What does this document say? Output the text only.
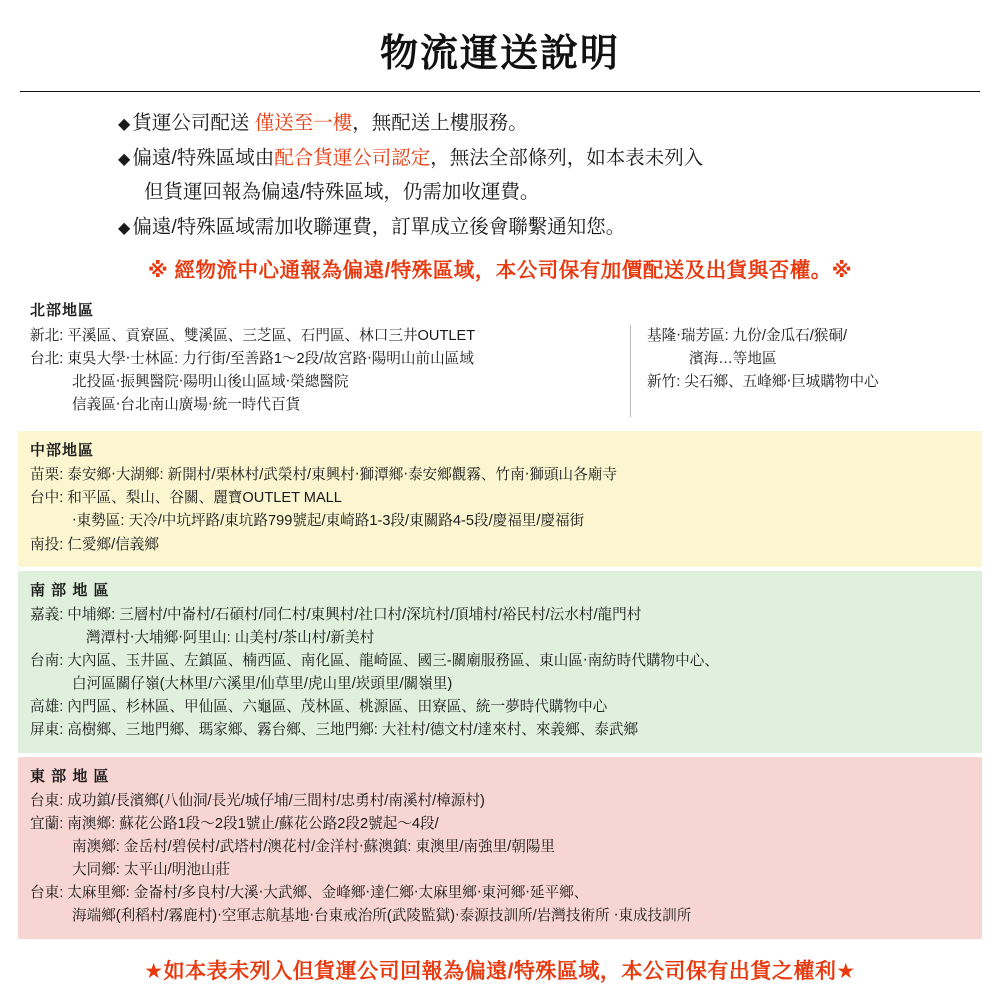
物流運送說明
◆ 貨運公司配送 僅送至一樓，無配送上樓服務。
◆ 偏遠/特殊區域由配合貨運公司認定，無法全部條列，如本表未列入
但貨運回報為偏遠/特殊區域，仍需加收運費。
◆ 偏遠/特殊區域需加收聯運費，訂單成立後會聯繫通知您。
※ 經物流中心通報為偏遠/特殊區域，本公司保有加價配送及出貨與否權。※
北部地區
新北: 平溪區、貢寮區、雙溪區、三芝區、石門區、林口三井OUTLET
台北: 東吳大學‧士林區: 力行街/至善路1～2段/故宮路‧陽明山前山區域
北投區‧振興醫院‧陽明山後山區域‧榮總醫院
信義區‧台北南山廣場‧統一時代百貨
基隆‧瑞芳區: 九份/金瓜石/猴硐/
濱海…等地區
新竹: 尖石鄉、五峰鄉‧巨城購物中心
中部地區
苗栗: 泰安鄉‧大湖鄉: 新開村/栗林村/武榮村/東興村‧獅潭鄉‧泰安鄉觀霧、竹南‧獅頭山各廟寺
台中: 和平區、梨山、谷關、麗寶OUTLET MALL
‧東勢區: 天冷/中坑坪路/東坑路799號起/東崎路1-3段/東關路4-5段/慶福里/慶福街
南投: 仁愛鄉/信義鄉
南 部 地 區
嘉義: 中埔鄉: 三層村/中崙村/石碩村/同仁村/東興村/社口村/深坑村/頂埔村/裕民村/沄水村/龍門村
灣潭村‧大埔鄉‧阿里山: 山美村/茶山村/新美村
台南: 大內區、玉井區、左鎮區、楠西區、南化區、龍崎區、國三-關廟服務區、東山區‧南紡時代購物中心、
白河區關仔嶺(大林里/六溪里/仙草里/虎山里/崁頭里/關嶺里)
高雄: 內門區、杉林區、甲仙區、六龜區、茂林區、桃源區、田寮區、統一夢時代購物中心
屏東: 高樹鄉、三地門鄉、瑪家鄉、霧台鄉、三地門鄉: 大社村/德文村/達來村、來義鄉、泰武鄉
東 部 地 區
台東: 成功鎮/長濱鄉(八仙洞/長光/城仔埔/三間村/忠勇村/南溪村/樟源村)
宜蘭: 南澳鄉: 蘇花公路1段～2段1號止/蘇花公路2段2號起～4段/
南澳鄉: 金岳村/碧侯村/武塔村/澳花村/金洋村‧蘇澳鎮: 東澳里/南強里/朝陽里
大同鄉: 太平山/明池山莊
台東: 太麻里鄉: 金崙村/多良村/大溪‧大武鄉、金峰鄉‧達仁鄉‧太麻里鄉‧東河鄉‧延平鄉、
海端鄉(利稻村/霧鹿村)‧空軍志航基地‧台東戒治所(武陵監獄)‧泰源技訓所/岩灣技術所 ‧東成技訓所
★如本表未列入但貨運公司回報為偏遠/特殊區域，本公司保有出貨之權利★
